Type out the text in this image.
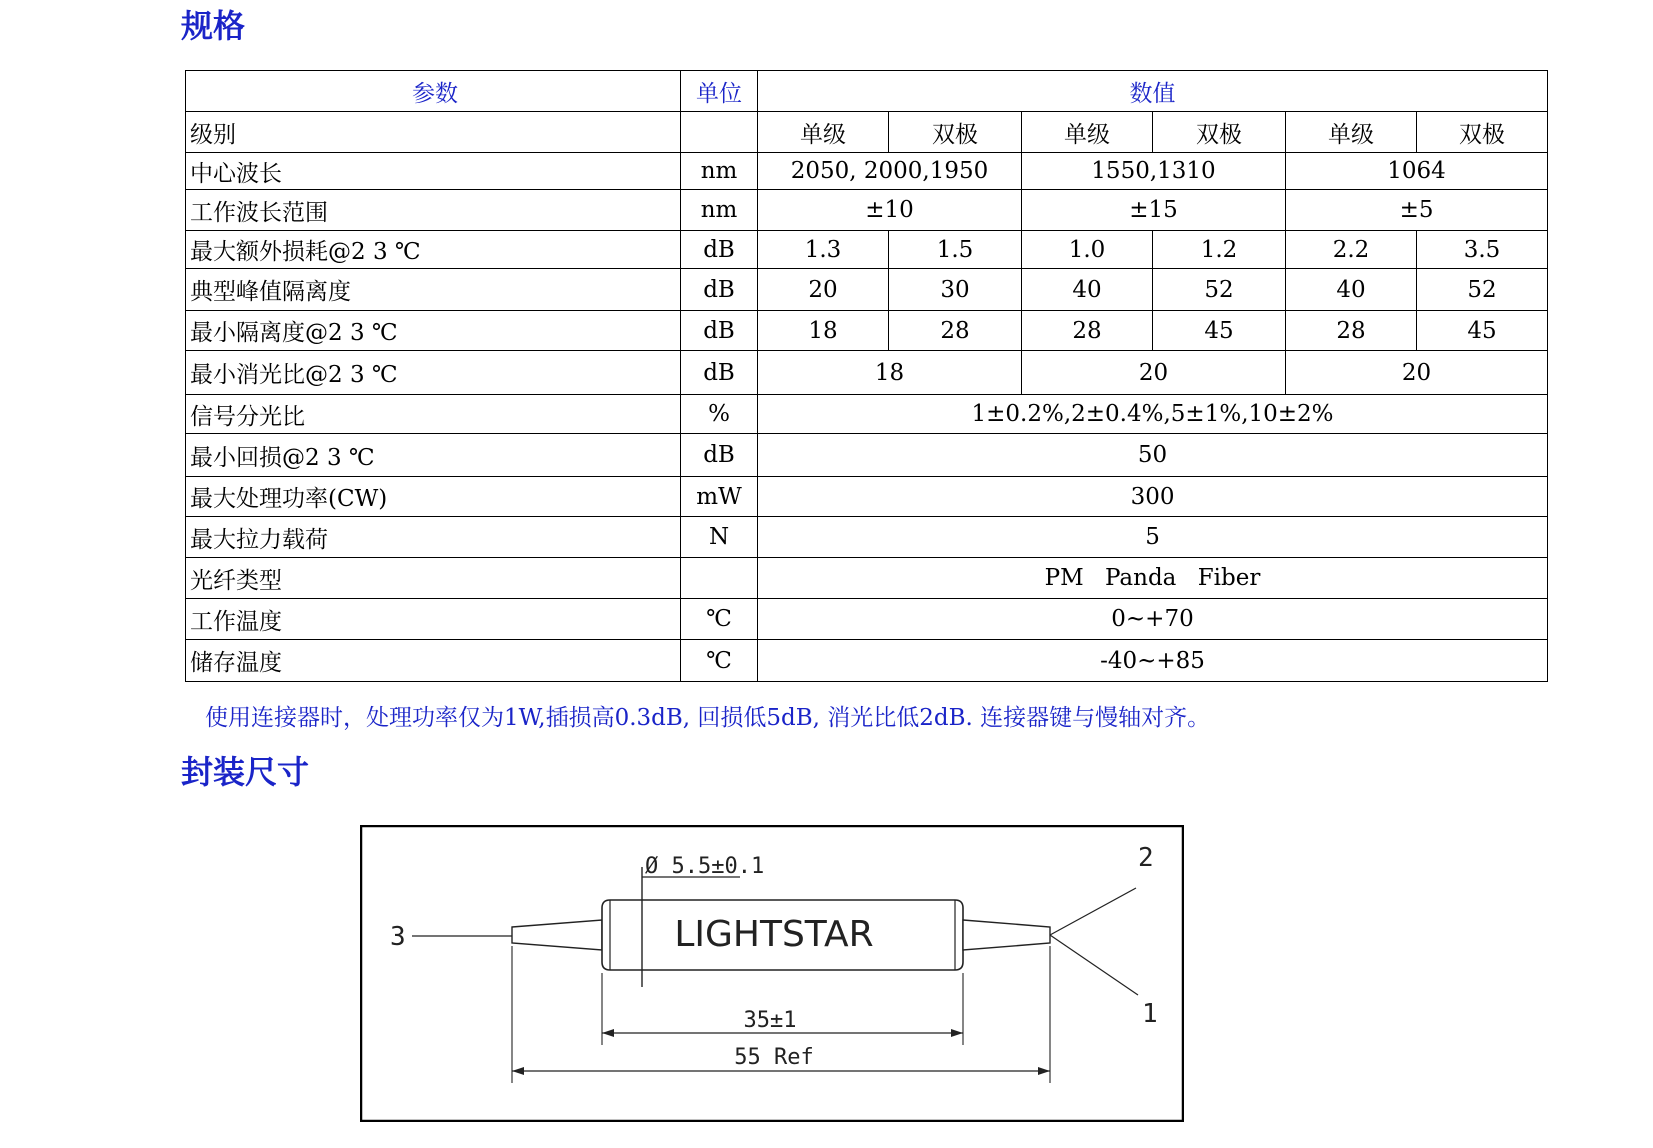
规格
参数	单位	数值					
级别		单级	双极	单级	双极	单级	双极
中心波长	nm	2050, 2000,1950		1550,1310		1064	
工作波长范围	nm	±10		±15		±5	
最大额外损耗@2 3 ℃	dB	1.3	1.5	1.0	1.2	2.2	3.5
典型峰值隔离度	dB	20	30	40	52	40	52
最小隔离度@2 3 ℃	dB	18	28	28	45	28	45
最小消光比@2 3 ℃	dB	18		20		20	
信号分光比	%	1±0.2%,2±0.4%,5±1%,10±2%					
最小回损@2 3 ℃	dB	50					
最大处理功率(CW)	mW	300					
最大拉力载荷	N	5					
光纤类型		PM Panda Fiber					
工作温度	℃	0~+70					
储存温度	℃	-40~+85					

使用连接器时，处理功率仅为1W,插损高0.3dB, 回损低5dB, 消光比低2dB. 连接器键与慢轴对齐。

封装尺寸
3	LIGHTSTAR
Ø 5.5±0.1	2
1
35±1
55 Ref
